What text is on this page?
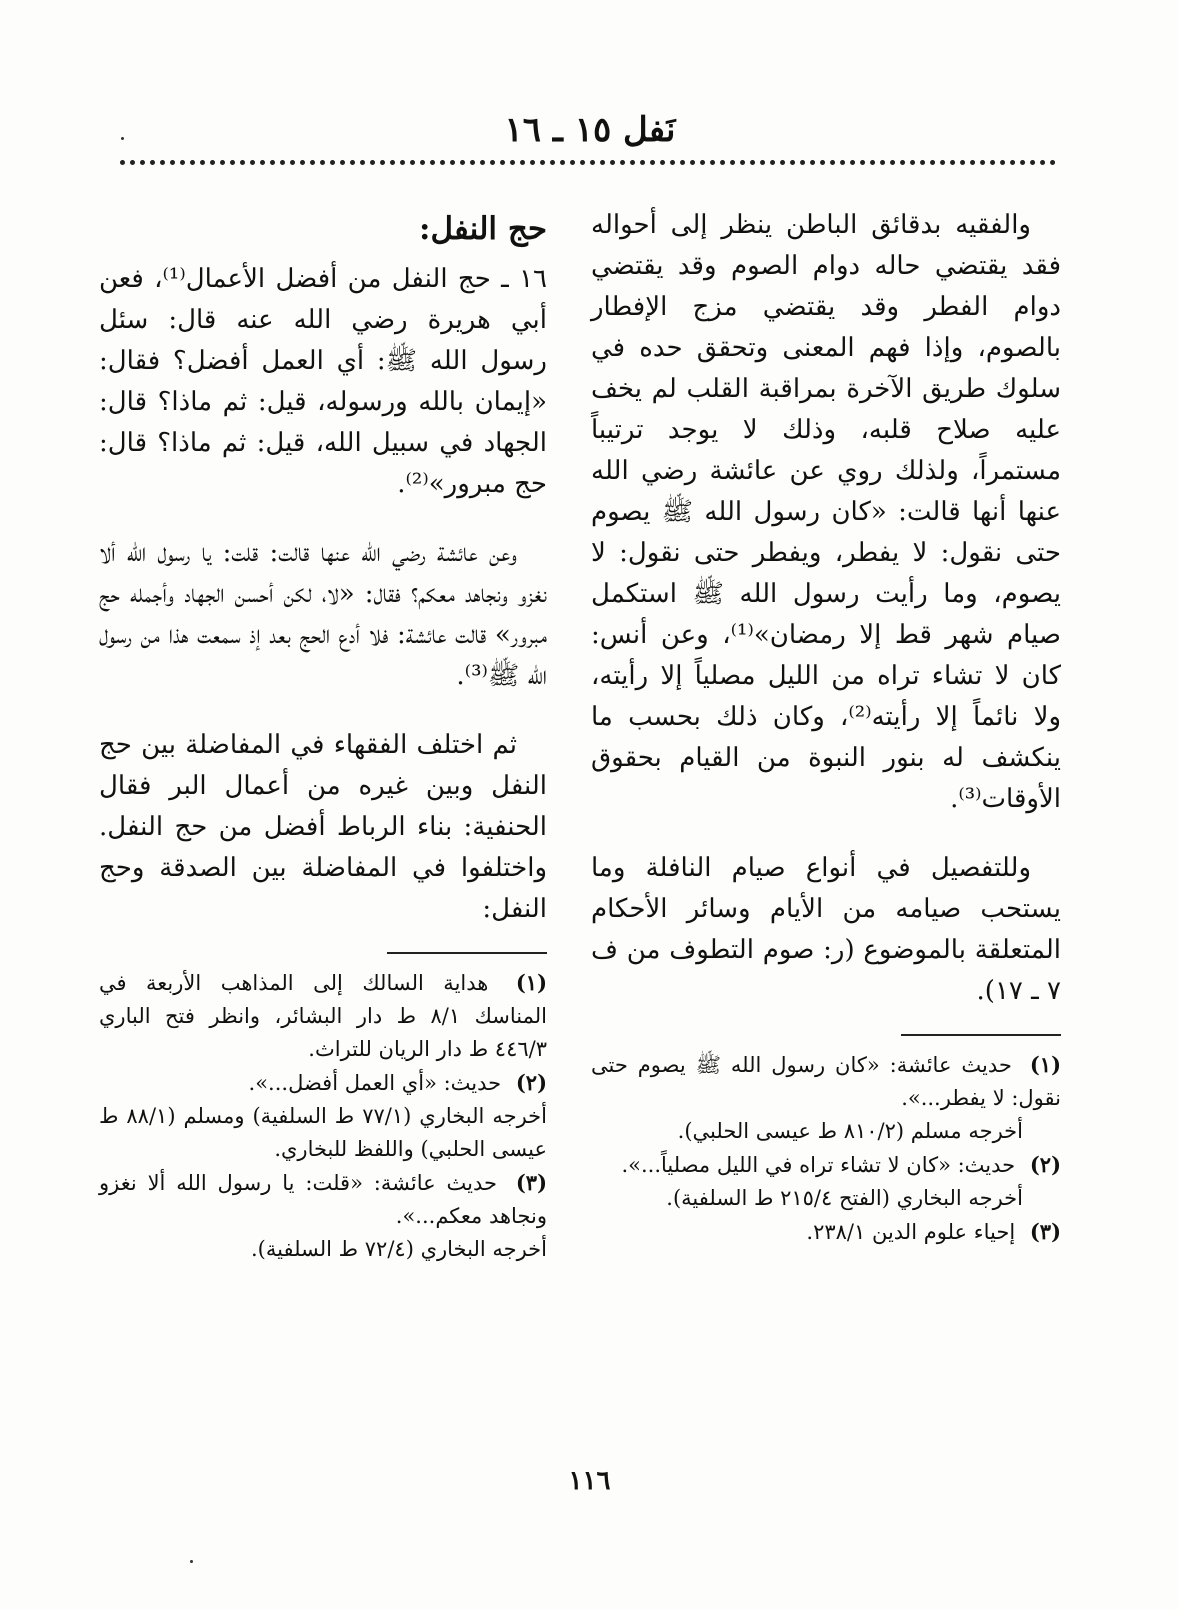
نَفل ١٥ ـ ١٦

والفقيه بدقائق الباطن ينظر إلى أحواله فقد يقتضي حاله دوام الصوم وقد يقتضي دوام الفطر وقد يقتضي مزج الإفطار بالصوم، وإذا فهم المعنى وتحقق حده في سلوك طريق الآخرة بمراقبة القلب لم يخف عليه صلاح قلبه، وذلك لا يوجد ترتيباً مستمراً، ولذلك روي عن عائشة رضي الله عنها أنها قالت: «كان رسول الله ﷺ يصوم حتى نقول: لا يفطر، ويفطر حتى نقول: لا يصوم، وما رأيت رسول الله ﷺ استكمل صيام شهر قط إلا رمضان»⁽¹⁾، وعن أنس: كان لا تشاء تراه من الليل مصلياً إلا رأيته، ولا نائماً إلا رأيته⁽²⁾، وكان ذلك بحسب ما ينكشف له بنور النبوة من القيام بحقوق الأوقات⁽³⁾.

وللتفصيل في أنواع صيام النافلة وما يستحب صيامه من الأيام وسائر الأحكام المتعلقة بالموضوع (ر: صوم التطوف من ف ٧ ـ ١٧).

(١) حديث عائشة: «كان رسول الله ﷺ يصوم حتى نقول: لا يفطر...».

أخرجه مسلم (٨١٠/٢ ط عيسى الحلبي).

(٢) حديث: «كان لا تشاء تراه في الليل مصلياً...».

أخرجه البخاري (الفتح ٢١٥/٤ ط السلفية).

(٣) إحياء علوم الدين ٢٣٨/١.

حج النفل:

١٦ ـ حج النفل من أفضل الأعمال⁽¹⁾، فعن أبي هريرة رضي الله عنه قال: سئل رسول الله ﷺ: أي العمل أفضل؟ فقال: «إيمان بالله ورسوله، قيل: ثم ماذا؟ قال: الجهاد في سبيل الله، قيل: ثم ماذا؟ قال: حج مبرور»⁽²⁾.

وعن عائشة رضي الله عنها قالت: قلت: يا رسول الله ألا نغزو ونجاهد معكم؟ فقال: «لا، لكن أحسن الجهاد وأجمله حج مبرور» قالت عائشة: فلا أدع الحج بعد إذ سمعت هذا من رسول الله ﷺ⁽³⁾.

ثم اختلف الفقهاء في المفاضلة بين حج النفل وبين غيره من أعمال البر فقال الحنفية: بناء الرباط أفضل من حج النفل. واختلفوا في المفاضلة بين الصدقة وحج النفل:

(١) هداية السالك إلى المذاهب الأربعة في المناسك ٨/١ ط دار البشائر، وانظر فتح الباري ٤٤٦/٣ ط دار الريان للتراث.

(٢) حديث: «أي العمل أفضل...».

أخرجه البخاري (٧٧/١ ط السلفية) ومسلم (٨٨/١ ط عيسى الحلبي) واللفظ للبخاري.

(٣) حديث عائشة: «قلت: يا رسول الله ألا نغزو ونجاهد معكم...».

أخرجه البخاري (٧٢/٤ ط السلفية).

١١٦
